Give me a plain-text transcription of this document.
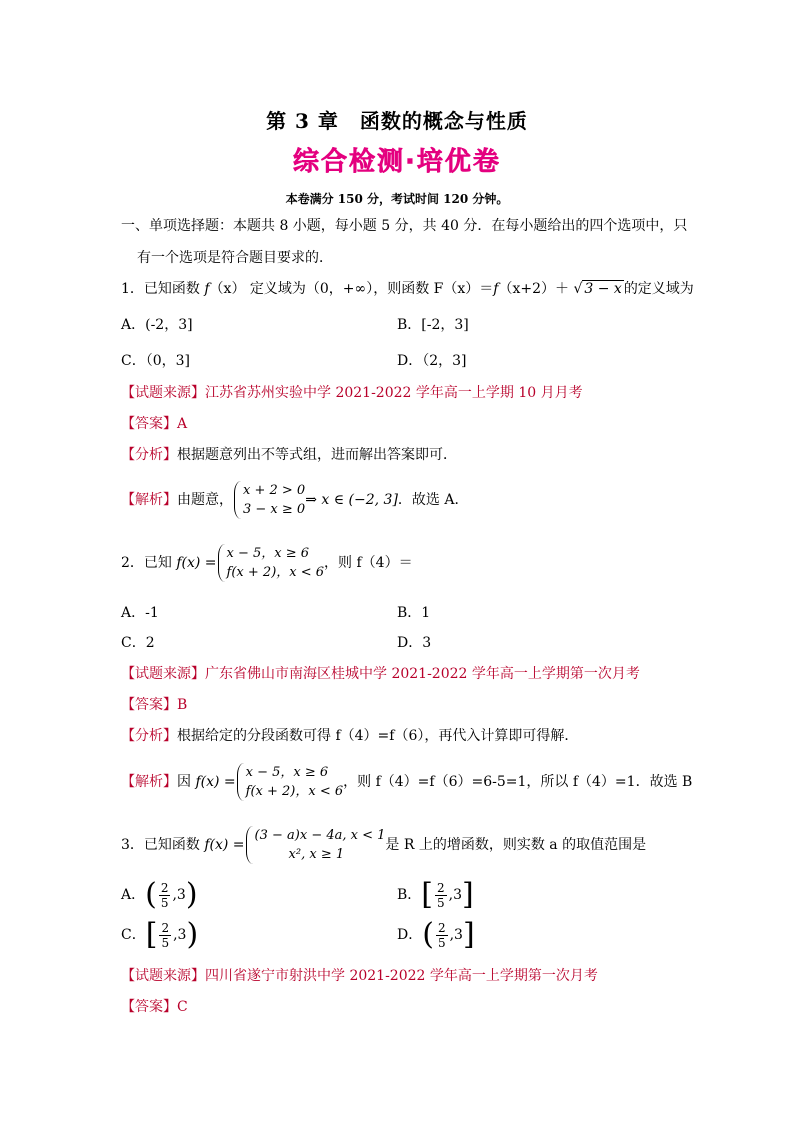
第 3 章　函数的概念与性质
综合检测·培优卷
本卷满分 150 分，考试时间 120 分钟。
一、单项选择题：本题共 8 小题，每小题 5 分，共 40 分．在每小题给出的四个选项中，只
有一个选项是符合题目要求的．
1．已知函数 f（x） 定义域为（0，+∞），则函数 F（x）＝f（x+2）＋ √ 3 − x 的定义域为
A．(-2，3]	B．[-2，3]
C．（0，3]	D．（2，3]
【试题来源】江苏省苏州实验中学 2021-2022 学年高一上学期 10 月月考
【答案】A
【分析】根据题意列出不等式组，进而解出答案即可．
【解析】由题意，x + 2 > 0
3 − x ≥ 0⇒ x ∈ (−2, 3]．故选 A．
2．已知 f(x) =x − 5，x ≥ 6
f(x + 2)，x < 6，则 f（4）＝
A．-1	B．1
C．2	D．3
【试题来源】广东省佛山市南海区桂城中学 2021-2022 学年高一上学期第一次月考
【答案】B
【分析】根据给定的分段函数可得 f（4）=f（6），再代入计算即可得解．
【解析】因 f(x) =x − 5，x ≥ 6
f(x + 2)，x < 6，则 f（4）=f（6）=6-5=1，所以 f（4）=1．故选 B
3．已知函数 f(x) =(3 − a)x − 4a, x < 1
x², x ≥ 1是 R 上的增函数，则实数 a 的取值范围是
A．( $\frac{2}{5} ,3$)	B．[ $\frac{2}{5} ,3$]
C．[ $\frac{2}{5} ,3$)	D．( $\frac{2}{5} ,3$]
【试题来源】四川省遂宁市射洪中学 2021-2022 学年高一上学期第一次月考
【答案】C
